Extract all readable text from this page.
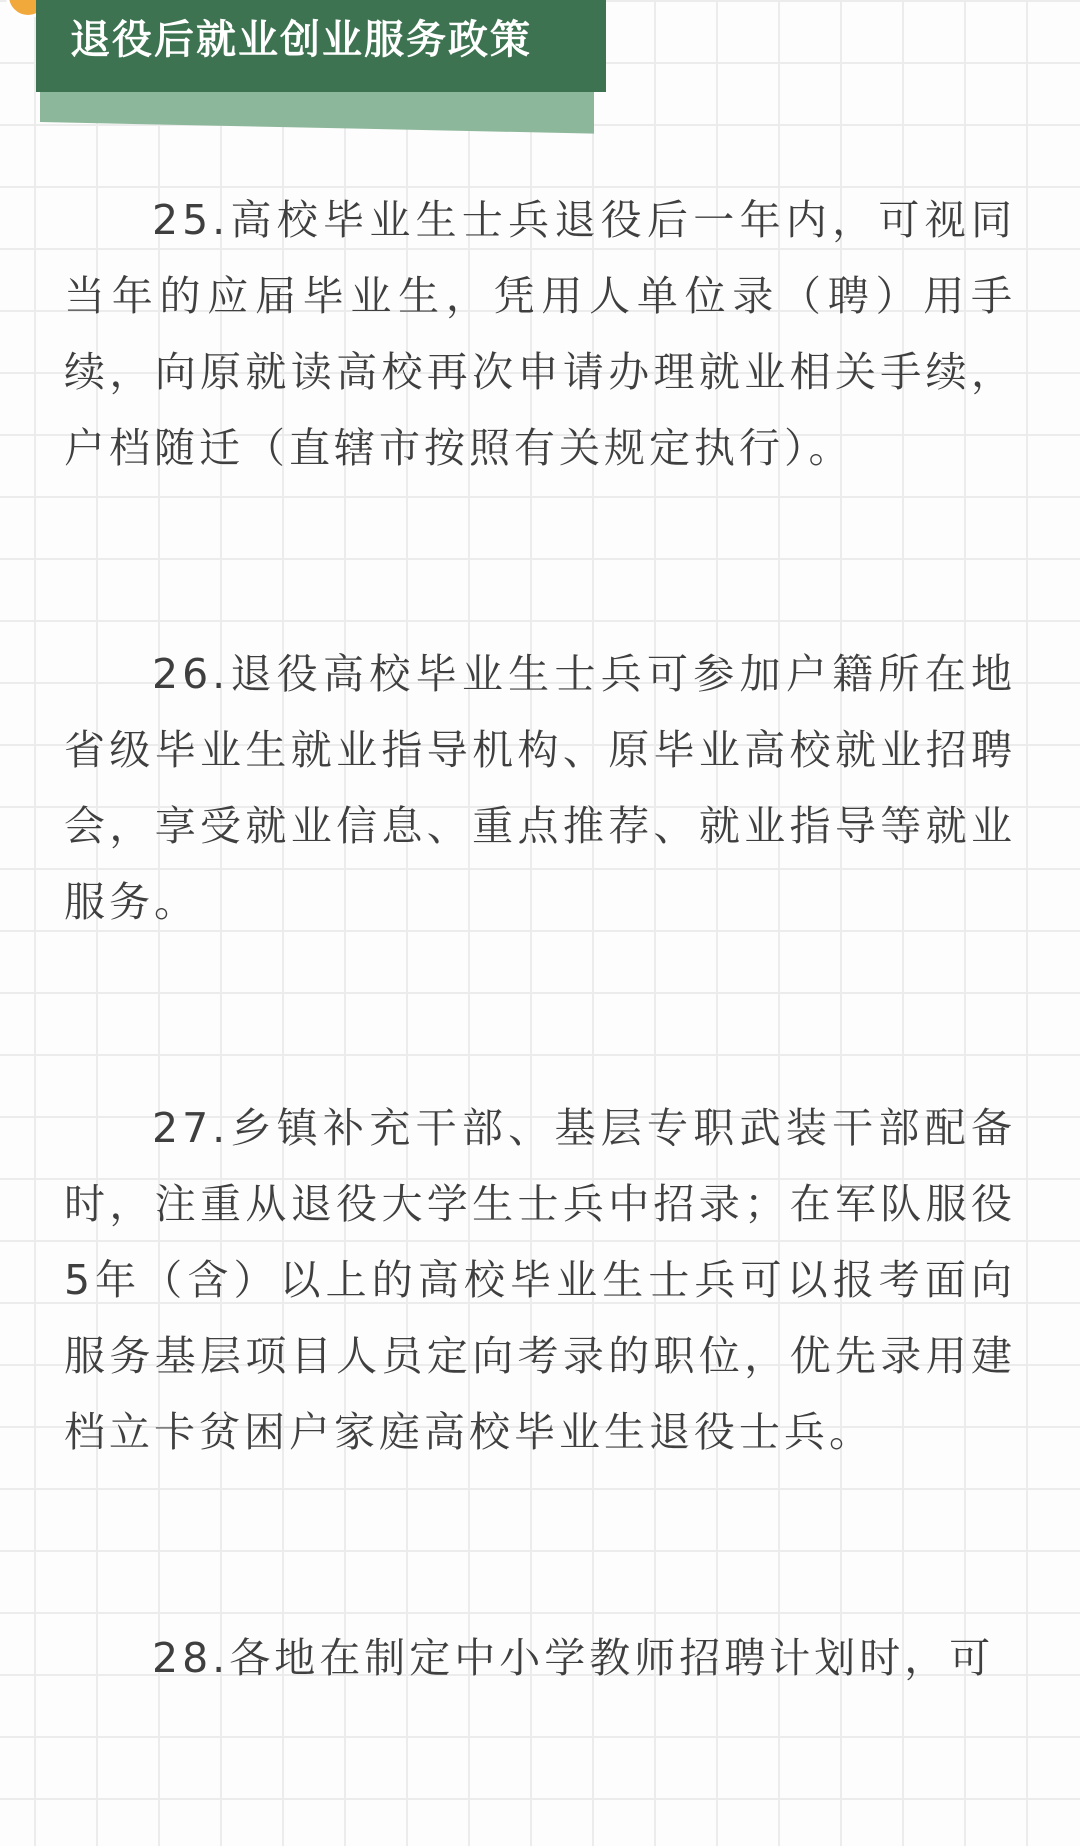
退役后就业创业服务政策

25.高校毕业生士兵退役后一年内，可视同当年的应届毕业生，凭用人单位录（聘）用手续，向原就读高校再次申请办理就业相关手续，户档随迁（直辖市按照有关规定执行）。

26.退役高校毕业生士兵可参加户籍所在地省级毕业生就业指导机构、原毕业高校就业招聘会，享受就业信息、重点推荐、就业指导等就业服务。

27.乡镇补充干部、基层专职武装干部配备时，注重从退役大学生士兵中招录；在军队服役5年（含）以上的高校毕业生士兵可以报考面向服务基层项目人员定向考录的职位，优先录用建档立卡贫困户家庭高校毕业生退役士兵。

28.各地在制定中小学教师招聘计划时，可
